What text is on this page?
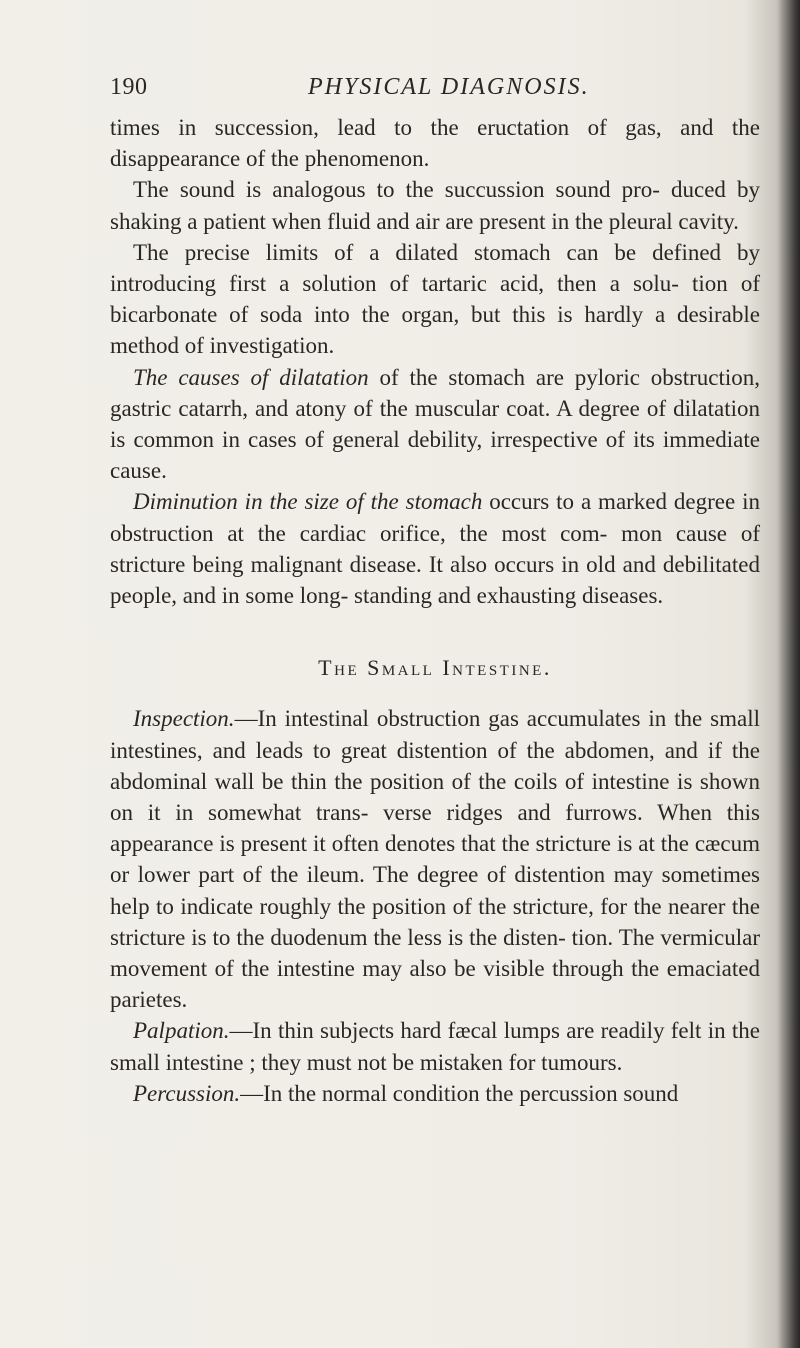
190	PHYSICAL DIAGNOSIS.

times in succession, lead to the eructation of gas, and the disappearance of the phenomenon.

The sound is analogous to the succussion sound pro- duced by shaking a patient when fluid and air are present in the pleural cavity.

The precise limits of a dilated stomach can be defined by introducing first a solution of tartaric acid, then a solu- tion of bicarbonate of soda into the organ, but this is hardly a desirable method of investigation.

The causes of dilatation of the stomach are pyloric obstruction, gastric catarrh, and atony of the muscular coat. A degree of dilatation is common in cases of general debility, irrespective of its immediate cause.

Diminution in the size of the stomach occurs to a marked degree in obstruction at the cardiac orifice, the most com- mon cause of stricture being malignant disease. It also occurs in old and debilitated people, and in some long- standing and exhausting diseases.

The Small Intestine.

Inspection.—In intestinal obstruction gas accumulates in the small intestines, and leads to great distention of the abdomen, and if the abdominal wall be thin the position of the coils of intestine is shown on it in somewhat trans- verse ridges and furrows. When this appearance is present it often denotes that the stricture is at the cæcum or lower part of the ileum. The degree of distention may sometimes help to indicate roughly the position of the stricture, for the nearer the stricture is to the duodenum the less is the disten- tion. The vermicular movement of the intestine may also be visible through the emaciated parietes.

Palpation.—In thin subjects hard fæcal lumps are readily felt in the small intestine ; they must not be mistaken for tumours.

Percussion.—In the normal condition the percussion sound
